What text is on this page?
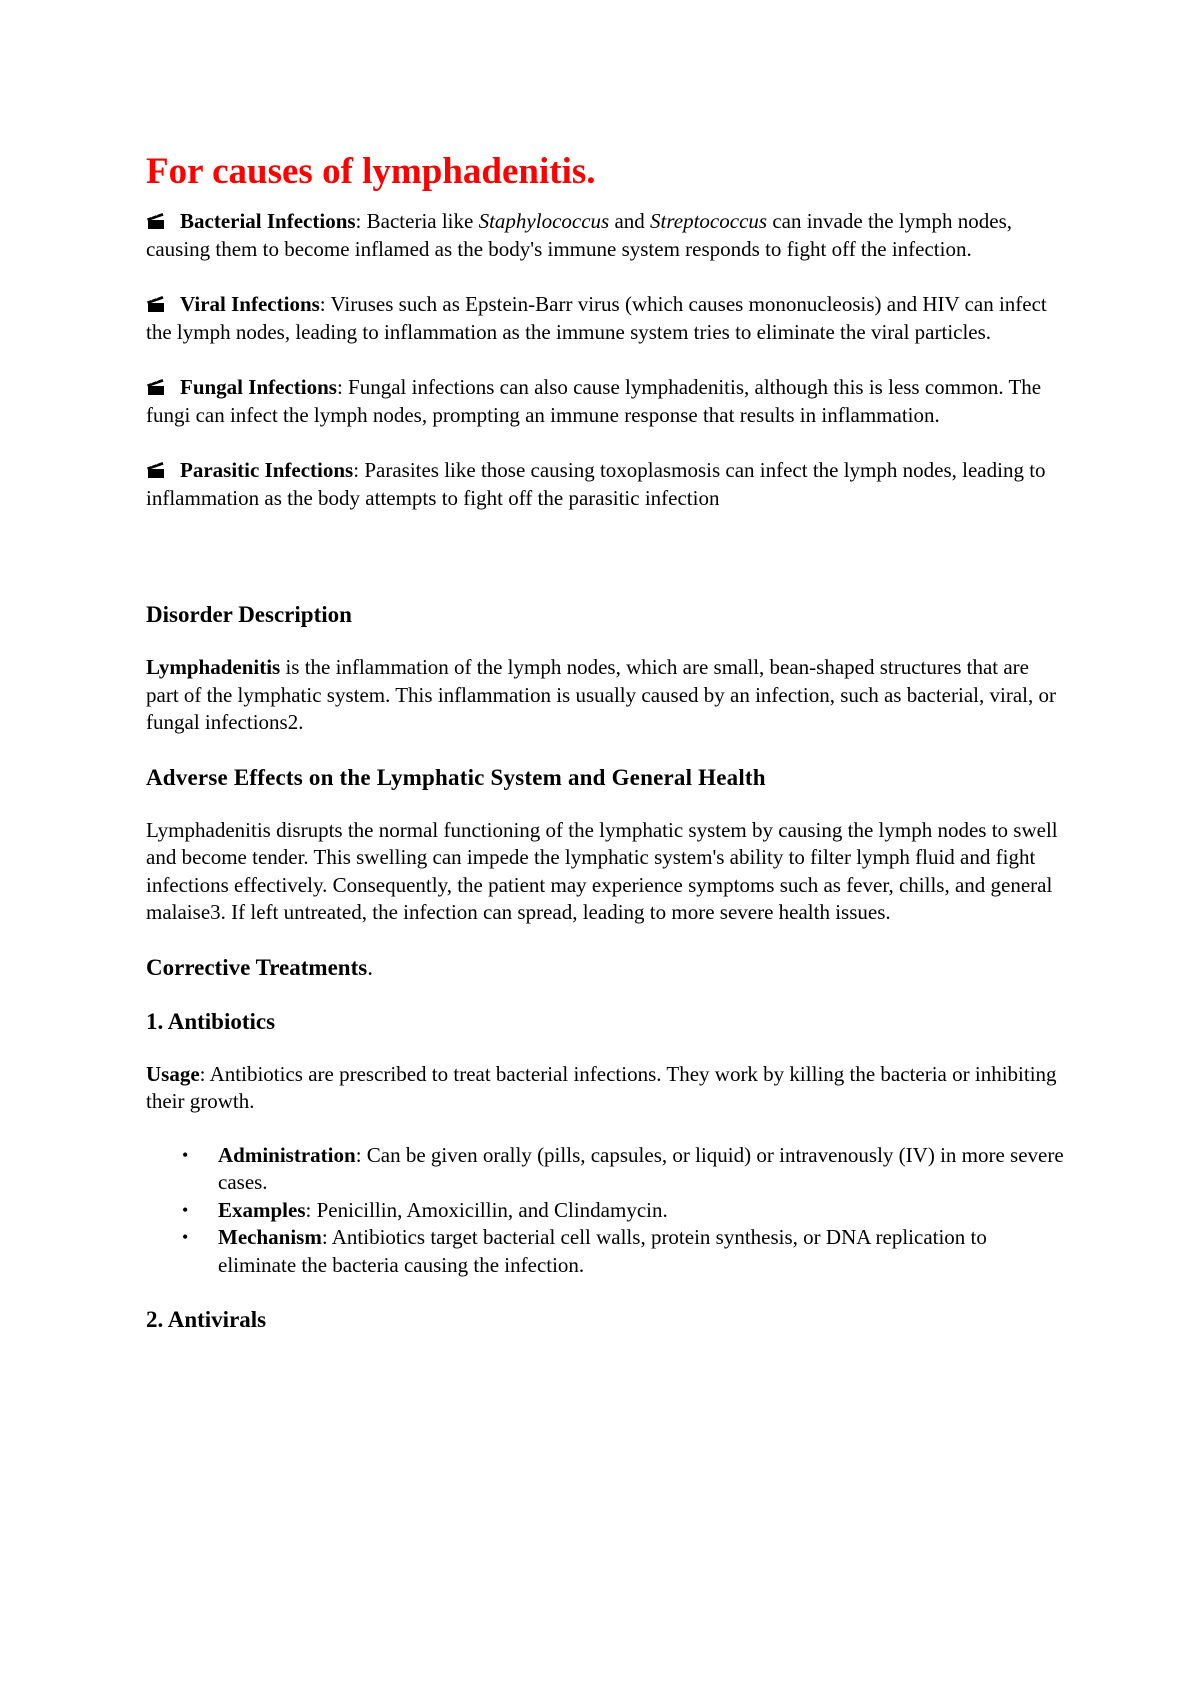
For causes of lymphadenitis.

Bacterial Infections: Bacteria like Staphylococcus and Streptococcus can invade the lymph nodes, causing them to become inflamed as the body's immune system responds to fight off the infection.

Viral Infections: Viruses such as Epstein-Barr virus (which causes mononucleosis) and HIV can infect the lymph nodes, leading to inflammation as the immune system tries to eliminate the viral particles.

Fungal Infections: Fungal infections can also cause lymphadenitis, although this is less common. The fungi can infect the lymph nodes, prompting an immune response that results in inflammation.

Parasitic Infections: Parasites like those causing toxoplasmosis can infect the lymph nodes, leading to inflammation as the body attempts to fight off the parasitic infection

Disorder Description

Lymphadenitis is the inflammation of the lymph nodes, which are small, bean-shaped structures that are part of the lymphatic system. This inflammation is usually caused by an infection, such as bacterial, viral, or fungal infections2.

Adverse Effects on the Lymphatic System and General Health

Lymphadenitis disrupts the normal functioning of the lymphatic system by causing the lymph nodes to swell and become tender. This swelling can impede the lymphatic system's ability to filter lymph fluid and fight infections effectively. Consequently, the patient may experience symptoms such as fever, chills, and general malaise3. If left untreated, the infection can spread, leading to more severe health issues.

Corrective Treatments.
1. Antibiotics

Usage: Antibiotics are prescribed to treat bacterial infections. They work by killing the bacteria or inhibiting their growth.

• Administration: Can be given orally (pills, capsules, or liquid) or intravenously (IV) in more severe cases.
• Examples: Penicillin, Amoxicillin, and Clindamycin.
• Mechanism: Antibiotics target bacterial cell walls, protein synthesis, or DNA replication to eliminate the bacteria causing the infection.
2. Antivirals
